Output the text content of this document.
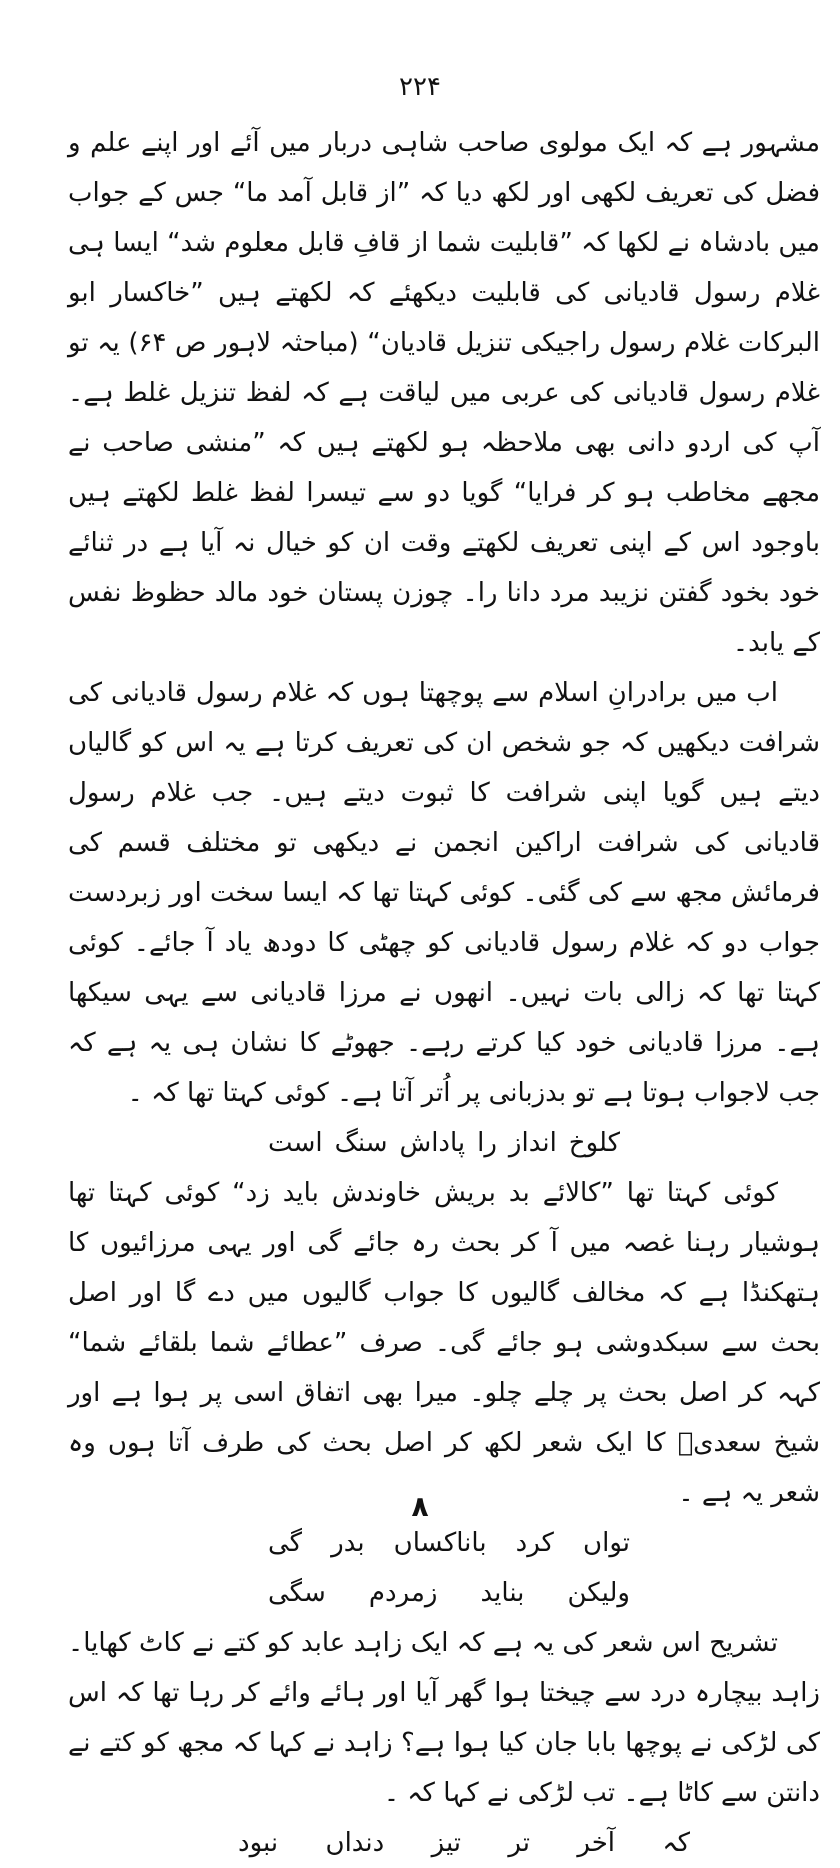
۲۲۴

مشہور ہے کہ ایک مولوی صاحب شاہی دربار میں آئے اور اپنے علم و فضل کی تعریف لکھی اور لکھ دیا کہ ”از قابل آمد ما“ جس کے جواب میں بادشاہ نے لکھا کہ ”قابلیت شما از قافِ قابل معلوم شد“ ایسا ہی غلام رسول قادیانی کی قابلیت دیکھئے کہ لکھتے ہیں ”خاکسار ابو البرکات غلام رسول راجیکی تنزیل قادیان“ (مباحثہ لاہور ص ۶۴) یہ تو غلام رسول قادیانی کی عربی میں لیاقت ہے کہ لفظ تنزیل غلط ہے۔ آپ کی اردو دانی بھی ملاحظہ ہو لکھتے ہیں کہ ”منشی صاحب نے مجھے مخاطب ہو کر فرایا“ گویا دو سے تیسرا لفظ غلط لکھتے ہیں باوجود اس کے اپنی تعریف لکھتے وقت ان کو خیال نہ آیا ہے در ثنائے خود بخود گفتن نزیبد مرد دانا را۔ چوزن پستان خود مالد حظوظ نفس کے یابد۔

اب میں برادرانِ اسلام سے پوچھتا ہوں کہ غلام رسول قادیانی کی شرافت دیکھیں کہ جو شخص ان کی تعریف کرتا ہے یہ اس کو گالیاں دیتے ہیں گویا اپنی شرافت کا ثبوت دیتے ہیں۔ جب غلام رسول قادیانی کی شرافت اراکین انجمن نے دیکھی تو مختلف قسم کی فرمائش مجھ سے کی گئی۔ کوئی کہتا تھا کہ ایسا سخت اور زبردست جواب دو کہ غلام رسول قادیانی کو چھٹی کا دودھ یاد آ جائے۔ کوئی کہتا تھا کہ زالی بات نہیں۔ انھوں نے مرزا قادیانی سے یہی سیکھا ہے۔ مرزا قادیانی خود کیا کرتے رہے۔ جھوٹے کا نشان ہی یہ ہے کہ جب لاجواب ہوتا ہے تو بدزبانی پر اُتر آتا ہے۔ کوئی کہتا تھا کہ ۔

کلوخ
انداز
را
پاداش
سنگ
است

کوئی کہتا تھا ”کالائے بد بریش خاوندش باید زد“ کوئی کہتا تھا ہوشیار رہنا غصہ میں آ کر بحث رہ جائے گی اور یہی مرزائیوں کا ہتھکنڈا ہے کہ مخالف گالیوں کا جواب گالیوں میں دے گا اور اصل بحث سے سبکدوشی ہو جائے گی۔ صرف ”عطائے شما بلقائے شما“ کہہ کر اصل بحث پر چلے چلو۔ میرا بھی اتفاق اسی پر ہوا ہے اور شیخ سعدیؒ کا ایک شعر لکھ کر اصل بحث کی طرف آتا ہوں وہ شعر یہ ہے ۔

تواں
کرد
باناکساں
بدر
گی
ولیکن
بناید
زمردم
سگی

تشریح اس شعر کی یہ ہے کہ ایک زاہد عابد کو کتے نے کاٹ کھایا۔ زاہد بیچارہ درد سے چیختا ہوا گھر آیا اور ہائے وائے کر رہا تھا کہ اس کی لڑکی نے پوچھا بابا جان کیا ہوا ہے؟ زاہد نے کہا کہ مجھ کو کتے نے دانتن سے کاٹا ہے۔ تب لڑکی نے کہا کہ ۔

کہ
آخر
تر
تیز
دنداں
نبود
۸
